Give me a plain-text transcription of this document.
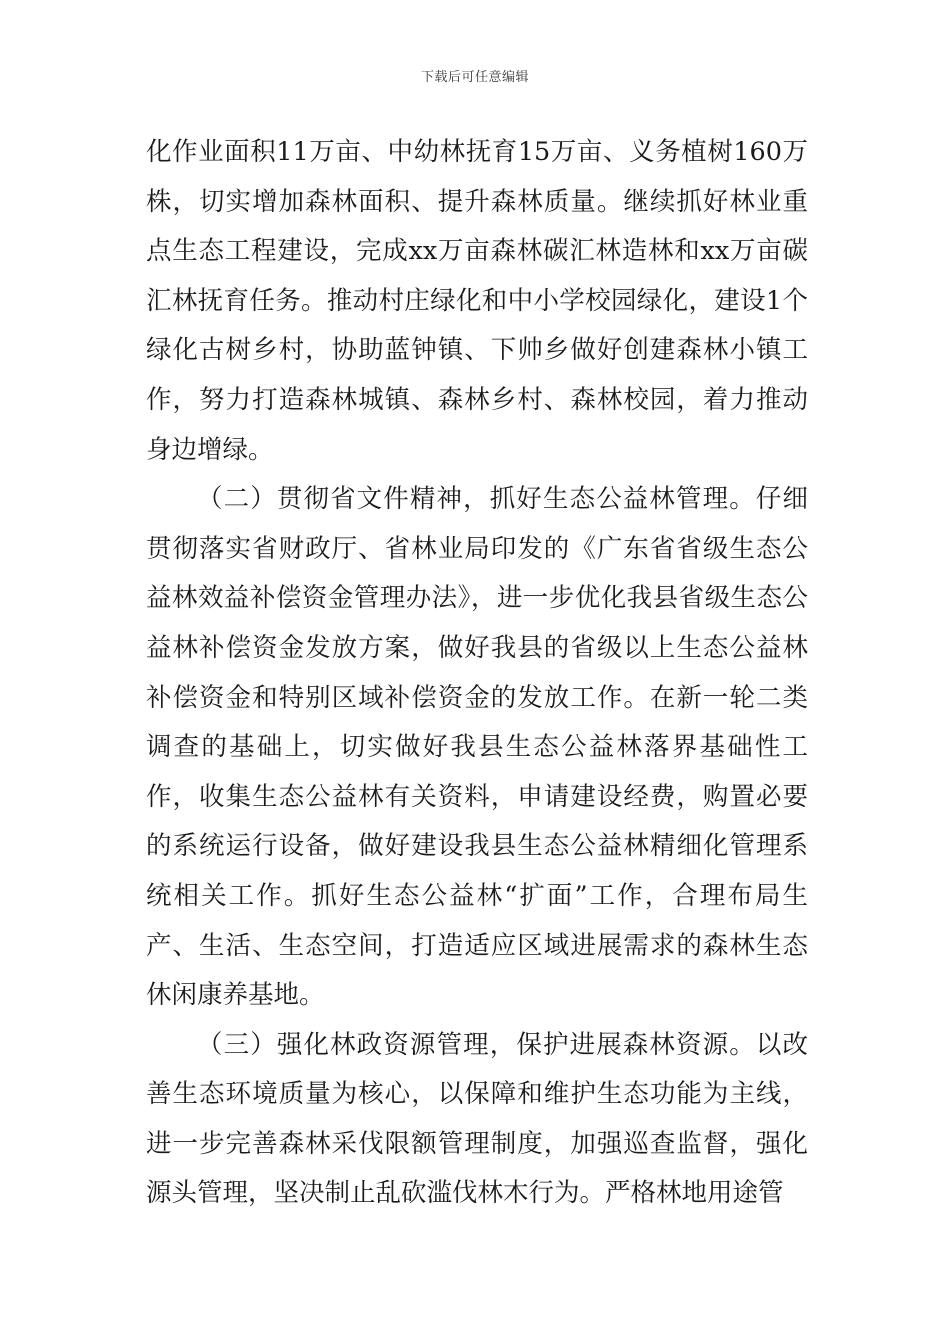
下载后可任意编辑

化作业面积11万亩、中幼林抚育15万亩、义务植树160万株，切实增加森林面积、提升森林质量。继续抓好林业重点生态工程建设，完成xx万亩森林碳汇林造林和xx万亩碳汇林抚育任务。推动村庄绿化和中小学校园绿化，建设1个绿化古树乡村，协助蓝钟镇、下帅乡做好创建森林小镇工作，努力打造森林城镇、森林乡村、森林校园，着力推动身边增绿。

（二）贯彻省文件精神，抓好生态公益林管理。仔细贯彻落实省财政厅、省林业局印发的《广东省省级生态公益林效益补偿资金管理办法》，进一步优化我县省级生态公益林补偿资金发放方案，做好我县的省级以上生态公益林补偿资金和特别区域补偿资金的发放工作。在新一轮二类调查的基础上，切实做好我县生态公益林落界基础性工作，收集生态公益林有关资料，申请建设经费，购置必要的系统运行设备，做好建设我县生态公益林精细化管理系统相关工作。抓好生态公益林“扩面”工作，合理布局生产、生活、生态空间，打造适应区域进展需求的森林生态休闲康养基地。

（三）强化林政资源管理，保护进展森林资源。以改善生态环境质量为核心，以保障和维护生态功能为主线，进一步完善森林采伐限额管理制度，加强巡查监督，强化源头管理，坚决制止乱砍滥伐林木行为。严格林地用途管
